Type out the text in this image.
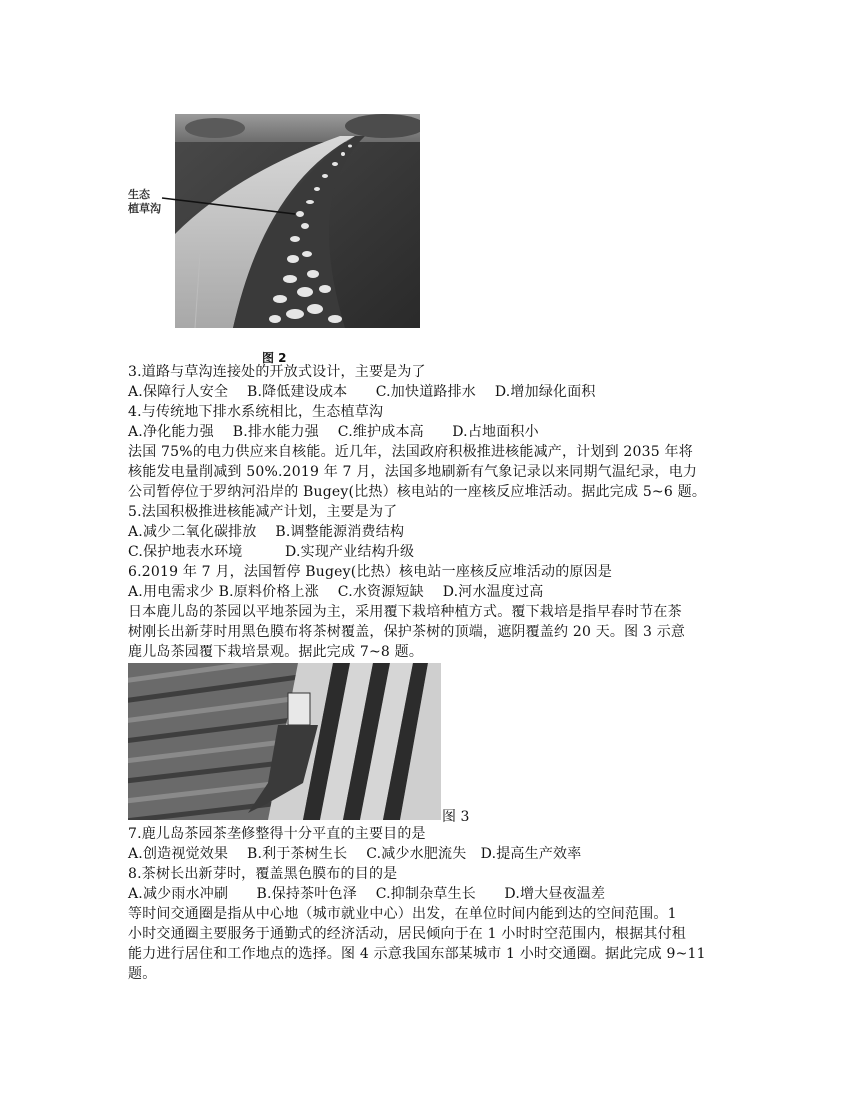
生态
植草沟
图 2
3.道路与草沟连接处的开放式设计，主要是为了
A.保障行人安全　 B.降低建设成本　　C.加快道路排水　 D.增加绿化面积
4.与传统地下排水系统相比，生态植草沟
A.净化能力强　 B.排水能力强　 C.维护成本高　　D.占地面积小
法国 75%的电力供应来自核能。近几年，法国政府积极推进核能减产，计划到 2035 年将
核能发电量削减到 50%.2019 年 7 月，法国多地刷新有气象记录以来同期气温纪录，电力
公司暂停位于罗纳河沿岸的 Bugey(比热）核电站的一座核反应堆活动。据此完成 5~6 题。
5.法国积极推进核能减产计划，主要是为了
A.减少二氧化碳排放　 B.调整能源消费结构
C.保护地表水环境　　　D.实现产业结构升级
6.2019 年 7 月，法国暂停 Bugey(比热）核电站一座核反应堆活动的原因是
A.用电需求少 B.原料价格上涨　 C.水资源短缺　 D.河水温度过高
日本鹿儿岛的茶园以平地茶园为主，采用覆下栽培种植方式。覆下栽培是指早春时节在茶
树刚长出新芽时用黑色膜布将茶树覆盖，保护茶树的顶端，遮阴覆盖约 20 天。图 3 示意
鹿儿岛茶园覆下栽培景观。据此完成 7~8 题。
图 3
7.鹿儿岛茶园茶垄修整得十分平直的主要目的是
A.创造视觉效果　 B.利于茶树生长　 C.减少水肥流失　D.提高生产效率
8.茶树长出新芽时，覆盖黑色膜布的目的是
A.减少雨水冲刷　　B.保持茶叶色泽　 C.抑制杂草生长　　D.增大昼夜温差
等时间交通圈是指从中心地（城市就业中心）出发，在单位时间内能到达的空间范围。1
小时交通圈主要服务于通勤式的经济活动，居民倾向于在 1 小时时空范围内，根据其付租
能力进行居住和工作地点的选择。图 4 示意我国东部某城市 1 小时交通圈。据此完成 9~11
题。
